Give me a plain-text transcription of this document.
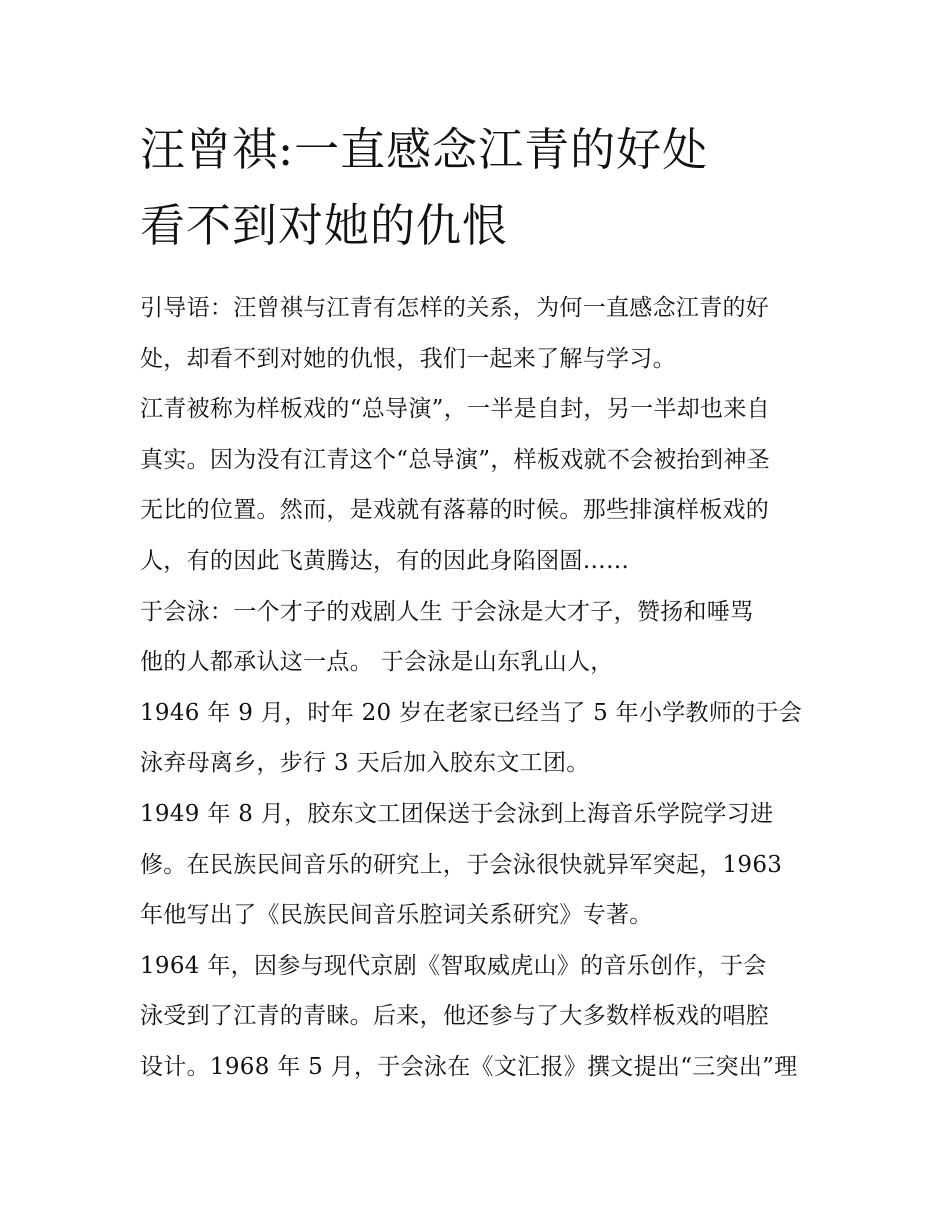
汪曾祺:一直感念江青的好处
看不到对她的仇恨
引导语：汪曾祺与江青有怎样的关系，为何一直感念江青的好
处，却看不到对她的仇恨，我们一起来了解与学习。
江青被称为样板戏的“总导演”，一半是自封，另一半却也来自
真实。因为没有江青这个“总导演”，样板戏就不会被抬到神圣
无比的位置。然而，是戏就有落幕的时候。那些排演样板戏的
人，有的因此飞黄腾达，有的因此身陷囹圄……
于会泳：一个才子的戏剧人生 于会泳是大才子，赞扬和唾骂
他的人都承认这一点。 于会泳是山东乳山人，
1946 年 9 月，时年 20 岁在老家已经当了 5 年小学教师的于会
泳弃母离乡，步行 3 天后加入胶东文工团。
1949 年 8 月，胶东文工团保送于会泳到上海音乐学院学习进
修。在民族民间音乐的研究上，于会泳很快就异军突起，1963
年他写出了《民族民间音乐腔词关系研究》专著。
1964 年，因参与现代京剧《智取威虎山》的音乐创作，于会
泳受到了江青的青睐。后来，他还参与了大多数样板戏的唱腔
设计。1968 年 5 月，于会泳在《文汇报》撰文提出“三突出”理
